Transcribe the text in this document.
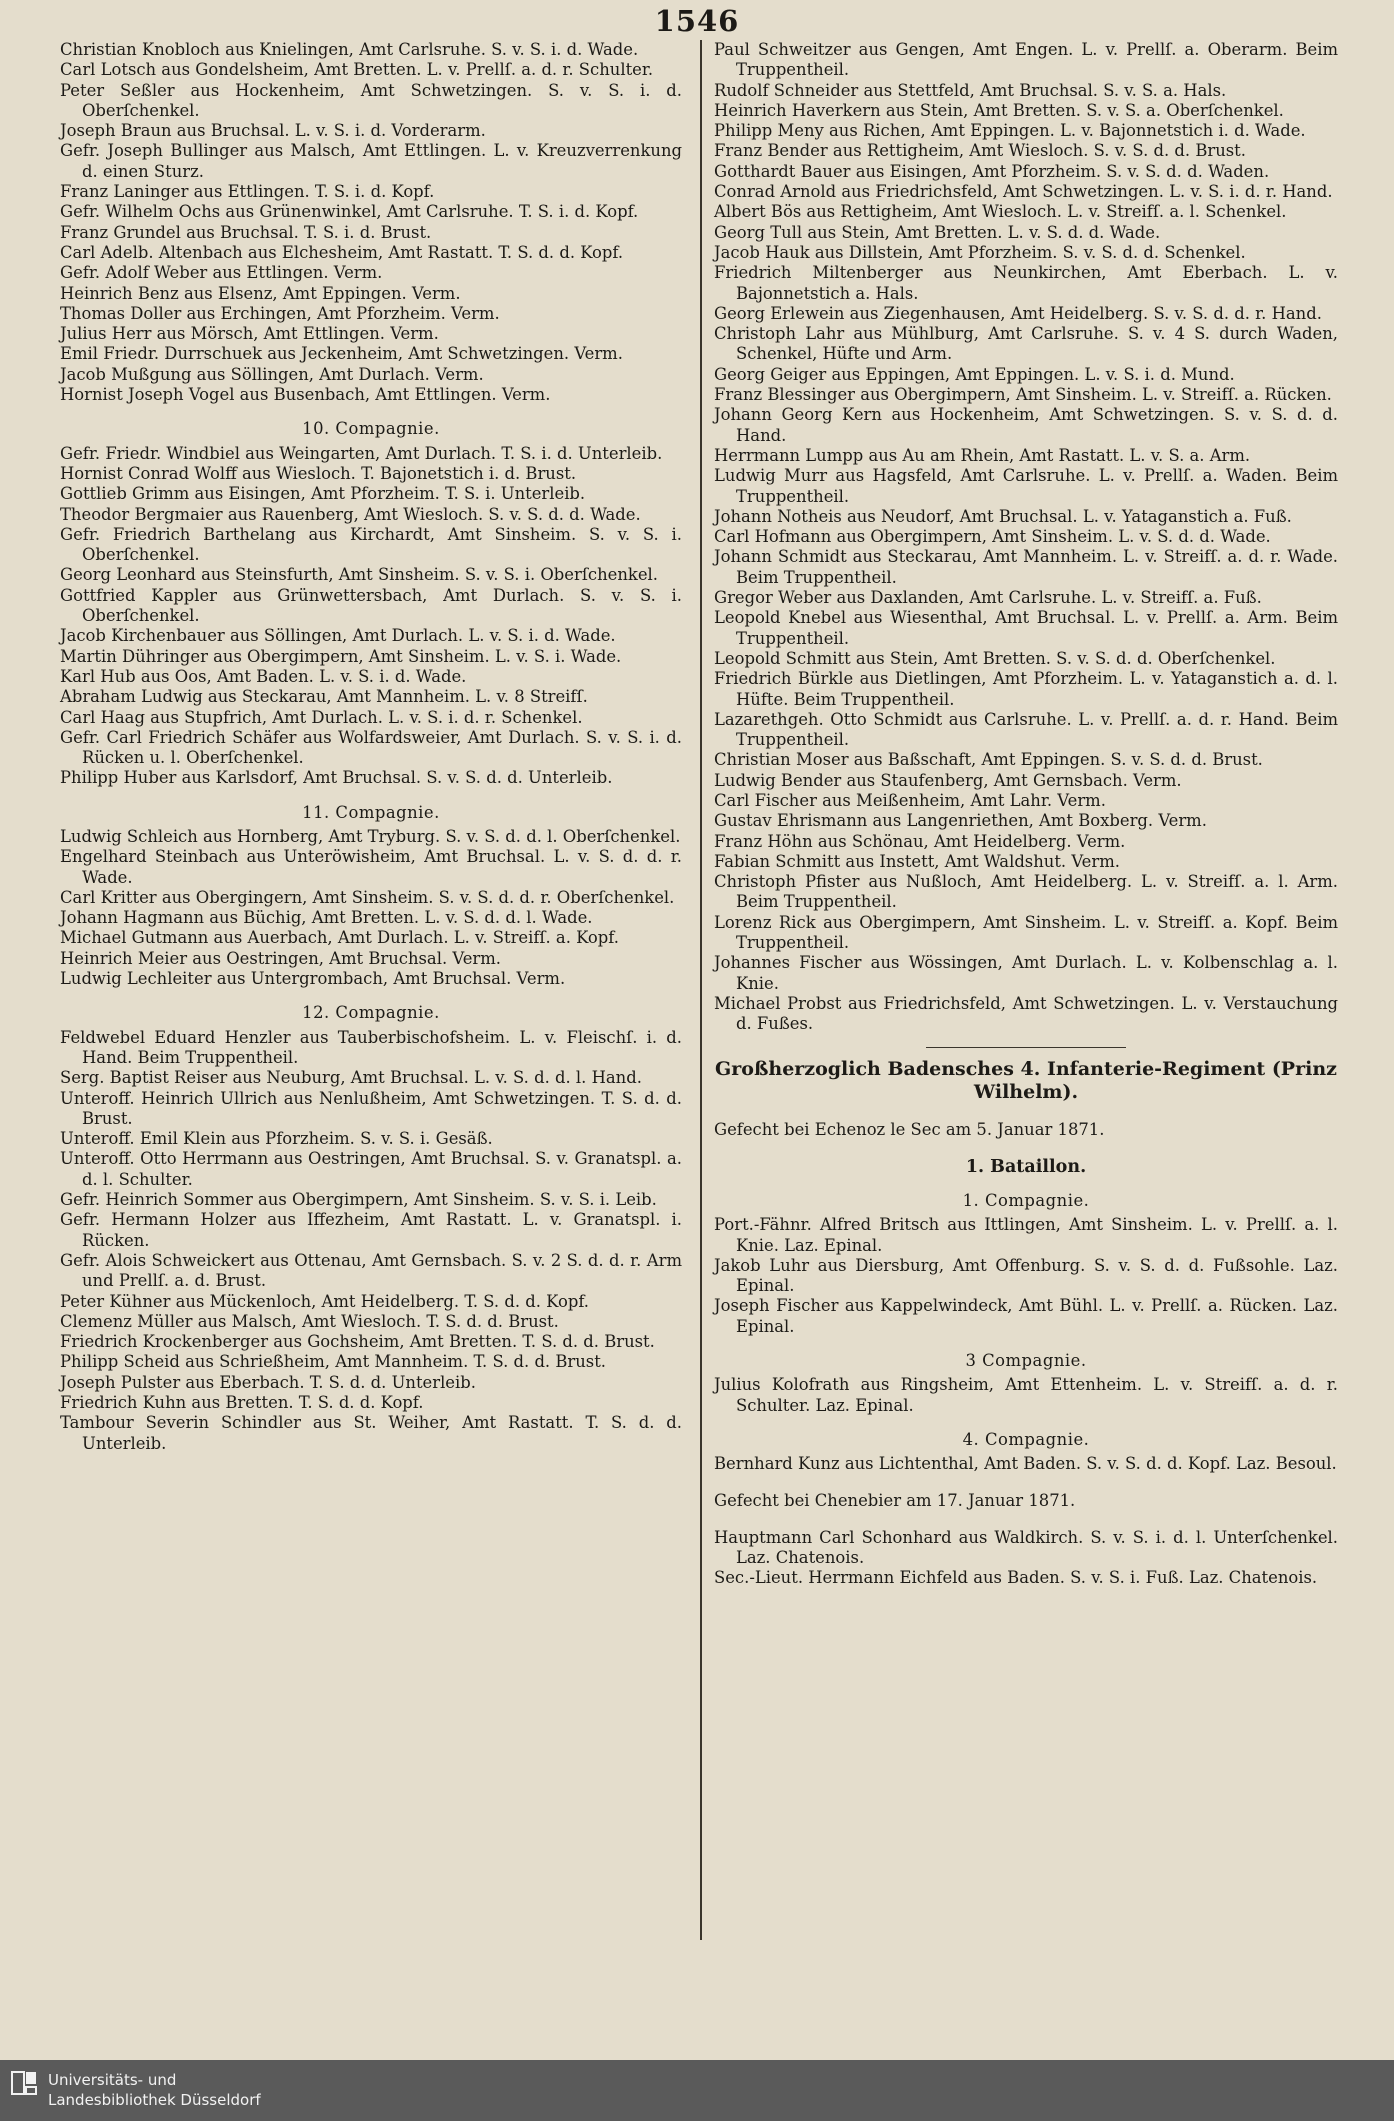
1546

Christian Knobloch aus Knielingen, Amt Carlsruhe. S. v. S. i. d. Wade.

Carl Lotsch aus Gondelsheim, Amt Bretten. L. v. Prellſ. a. d. r. Schulter.

Peter Seßler aus Hockenheim, Amt Schwetzingen. S. v. S. i. d. Oberſchenkel.

Joseph Braun aus Bruchsal. L. v. S. i. d. Vorderarm.

Gefr. Joseph Bullinger aus Malsch, Amt Ettlingen. L. v. Kreuzverrenkung d. einen Sturz.

Franz Laninger aus Ettlingen. T. S. i. d. Kopf.

Gefr. Wilhelm Ochs aus Grünenwinkel, Amt Carlsruhe. T. S. i. d. Kopf.

Franz Grundel aus Bruchsal. T. S. i. d. Brust.

Carl Adelb. Altenbach aus Elchesheim, Amt Rastatt. T. S. d. d. Kopf.

Gefr. Adolf Weber aus Ettlingen. Verm.

Heinrich Benz aus Elsenz, Amt Eppingen. Verm.

Thomas Doller aus Erchingen, Amt Pforzheim. Verm.

Julius Herr aus Mörsch, Amt Ettlingen. Verm.

Emil Friedr. Durrschuek aus Jeckenheim, Amt Schwetzingen. Verm.

Jacob Mußgung aus Söllingen, Amt Durlach. Verm.

Hornist Joseph Vogel aus Busenbach, Amt Ettlingen. Verm.

10. Compagnie.

Gefr. Friedr. Windbiel aus Weingarten, Amt Durlach. T. S. i. d. Unterleib.

Hornist Conrad Wolff aus Wiesloch. T. Bajonetstich i. d. Brust.

Gottlieb Grimm aus Eisingen, Amt Pforzheim. T. S. i. Unterleib.

Theodor Bergmaier aus Rauenberg, Amt Wiesloch. S. v. S. d. d. Wade.

Gefr. Friedrich Barthelang aus Kirchardt, Amt Sinsheim. S. v. S. i. Oberſchenkel.

Georg Leonhard aus Steinsfurth, Amt Sinsheim. S. v. S. i. Oberſchenkel.

Gottfried Kappler aus Grünwettersbach, Amt Durlach. S. v. S. i. Oberſchenkel.

Jacob Kirchenbauer aus Söllingen, Amt Durlach. L. v. S. i. d. Wade.

Martin Dühringer aus Obergimpern, Amt Sinsheim. L. v. S. i. Wade.

Karl Hub aus Oos, Amt Baden. L. v. S. i. d. Wade.

Abraham Ludwig aus Steckarau, Amt Mannheim. L. v. 8 Streifſ.

Carl Haag aus Stupfrich, Amt Durlach. L. v. S. i. d. r. Schenkel.

Gefr. Carl Friedrich Schäfer aus Wolfardsweier, Amt Durlach. S. v. S. i. d. Rücken u. l. Oberſchenkel.

Philipp Huber aus Karlsdorf, Amt Bruchsal. S. v. S. d. d. Unterleib.

11. Compagnie.

Ludwig Schleich aus Hornberg, Amt Tryburg. S. v. S. d. d. l. Oberſchenkel.

Engelhard Steinbach aus Unteröwisheim, Amt Bruchsal. L. v. S. d. d. r. Wade.

Carl Kritter aus Obergingern, Amt Sinsheim. S. v. S. d. d. r. Oberſchenkel.

Johann Hagmann aus Büchig, Amt Bretten. L. v. S. d. d. l. Wade.

Michael Gutmann aus Auerbach, Amt Durlach. L. v. Streifſ. a. Kopf.

Heinrich Meier aus Oestringen, Amt Bruchsal. Verm.

Ludwig Lechleiter aus Untergrombach, Amt Bruchsal. Verm.

12. Compagnie.

Feldwebel Eduard Henzler aus Tauberbischofsheim. L. v. Fleischſ. i. d. Hand. Beim Truppentheil.

Serg. Baptist Reiser aus Neuburg, Amt Bruchsal. L. v. S. d. d. l. Hand.

Unteroff. Heinrich Ullrich aus Nenlußheim, Amt Schwetzingen. T. S. d. d. Brust.

Unteroff. Emil Klein aus Pforzheim. S. v. S. i. Gesäß.

Unteroff. Otto Herrmann aus Oestringen, Amt Bruchsal. S. v. Granatspl. a. d. l. Schulter.

Gefr. Heinrich Sommer aus Obergimpern, Amt Sinsheim. S. v. S. i. Leib.

Gefr. Hermann Holzer aus Iffezheim, Amt Rastatt. L. v. Granatspl. i. Rücken.

Gefr. Alois Schweickert aus Ottenau, Amt Gernsbach. S. v. 2 S. d. d. r. Arm und Prellſ. a. d. Brust.

Peter Kühner aus Mückenloch, Amt Heidelberg. T. S. d. d. Kopf.

Clemenz Müller aus Malsch, Amt Wiesloch. T. S. d. d. Brust.

Friedrich Krockenberger aus Gochsheim, Amt Bretten. T. S. d. d. Brust.

Philipp Scheid aus Schrießheim, Amt Mannheim. T. S. d. d. Brust.

Joseph Pulster aus Eberbach. T. S. d. d. Unterleib.

Friedrich Kuhn aus Bretten. T. S. d. d. Kopf.

Tambour Severin Schindler aus St. Weiher, Amt Rastatt. T. S. d. d. Unterleib.

Paul Schweitzer aus Gengen, Amt Engen. L. v. Prellſ. a. Oberarm. Beim Truppentheil.

Rudolf Schneider aus Stettfeld, Amt Bruchsal. S. v. S. a. Hals.

Heinrich Haverkern aus Stein, Amt Bretten. S. v. S. a. Oberſchenkel.

Philipp Meny aus Richen, Amt Eppingen. L. v. Bajonnetstich i. d. Wade.

Franz Bender aus Rettigheim, Amt Wiesloch. S. v. S. d. d. Brust.

Gotthardt Bauer aus Eisingen, Amt Pforzheim. S. v. S. d. d. Waden.

Conrad Arnold aus Friedrichsfeld, Amt Schwetzingen. L. v. S. i. d. r. Hand.

Albert Bös aus Rettigheim, Amt Wiesloch. L. v. Streifſ. a. l. Schenkel.

Georg Tull aus Stein, Amt Bretten. L. v. S. d. d. Wade.

Jacob Hauk aus Dillstein, Amt Pforzheim. S. v. S. d. d. Schenkel.

Friedrich Miltenberger aus Neunkirchen, Amt Eberbach. L. v. Bajonnetstich a. Hals.

Georg Erlewein aus Ziegenhausen, Amt Heidelberg. S. v. S. d. d. r. Hand.

Christoph Lahr aus Mühlburg, Amt Carlsruhe. S. v. 4 S. durch Waden, Schenkel, Hüfte und Arm.

Georg Geiger aus Eppingen, Amt Eppingen. L. v. S. i. d. Mund.

Franz Blessinger aus Obergimpern, Amt Sinsheim. L. v. Streifſ. a. Rücken.

Johann Georg Kern aus Hockenheim, Amt Schwetzingen. S. v. S. d. d. Hand.

Herrmann Lumpp aus Au am Rhein, Amt Rastatt. L. v. S. a. Arm.

Ludwig Murr aus Hagsfeld, Amt Carlsruhe. L. v. Prellſ. a. Waden. Beim Truppentheil.

Johann Notheis aus Neudorf, Amt Bruchsal. L. v. Yataganstich a. Fuß.

Carl Hofmann aus Obergimpern, Amt Sinsheim. L. v. S. d. d. Wade.

Johann Schmidt aus Steckarau, Amt Mannheim. L. v. Streifſ. a. d. r. Wade. Beim Truppentheil.

Gregor Weber aus Daxlanden, Amt Carlsruhe. L. v. Streifſ. a. Fuß.

Leopold Knebel aus Wiesenthal, Amt Bruchsal. L. v. Prellſ. a. Arm. Beim Truppentheil.

Leopold Schmitt aus Stein, Amt Bretten. S. v. S. d. d. Oberſchenkel.

Friedrich Bürkle aus Dietlingen, Amt Pforzheim. L. v. Yataganstich a. d. l. Hüfte. Beim Truppentheil.

Lazarethgeh. Otto Schmidt aus Carlsruhe. L. v. Prellſ. a. d. r. Hand. Beim Truppentheil.

Christian Moser aus Baßschaft, Amt Eppingen. S. v. S. d. d. Brust.

Ludwig Bender aus Staufenberg, Amt Gernsbach. Verm.

Carl Fischer aus Meißenheim, Amt Lahr. Verm.

Gustav Ehrismann aus Langenriethen, Amt Boxberg. Verm.

Franz Höhn aus Schönau, Amt Heidelberg. Verm.

Fabian Schmitt aus Instett, Amt Waldshut. Verm.

Christoph Pfister aus Nußloch, Amt Heidelberg. L. v. Streifſ. a. l. Arm. Beim Truppentheil.

Lorenz Rick aus Obergimpern, Amt Sinsheim. L. v. Streifſ. a. Kopf. Beim Truppentheil.

Johannes Fischer aus Wössingen, Amt Durlach. L. v. Kolbenschlag a. l. Knie.

Michael Probst aus Friedrichsfeld, Amt Schwetzingen. L. v. Verstauchung d. Fußes.

Großherzoglich Badensches 4. Infanterie-Regiment (Prinz Wilhelm).

Gefecht bei Echenoz le Sec am 5. Januar 1871.

1. Bataillon.

1. Compagnie.

Port.-Fähnr. Alfred Britsch aus Ittlingen, Amt Sinsheim. L. v. Prellſ. a. l. Knie. Laz. Epinal.

Jakob Luhr aus Diersburg, Amt Offenburg. S. v. S. d. d. Fußsohle. Laz. Epinal.

Joseph Fischer aus Kappelwindeck, Amt Bühl. L. v. Prellſ. a. Rücken. Laz. Epinal.

3 Compagnie.

Julius Kolofrath aus Ringsheim, Amt Ettenheim. L. v. Streifſ. a. d. r. Schulter. Laz. Epinal.

4. Compagnie.

Bernhard Kunz aus Lichtenthal, Amt Baden. S. v. S. d. d. Kopf. Laz. Besoul.

Gefecht bei Chenebier am 17. Januar 1871.

Hauptmann Carl Schonhard aus Waldkirch. S. v. S. i. d. l. Unterſchenkel. Laz. Chatenois.

Sec.-Lieut. Herrmann Eichfeld aus Baden. S. v. S. i. Fuß. Laz. Chatenois.

Universitäts- und
Landesbibliothek Düsseldorf
